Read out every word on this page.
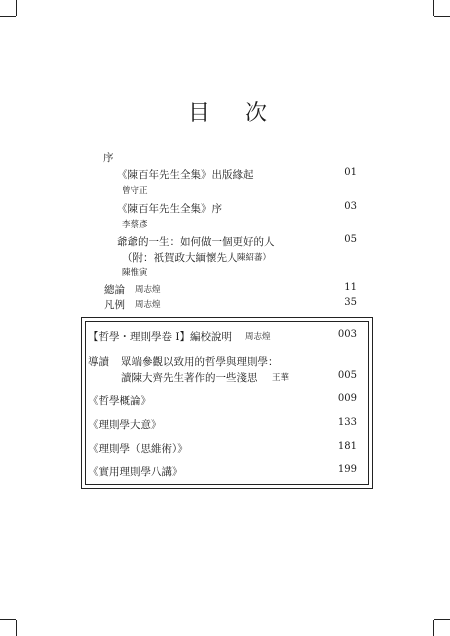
目 次
序
《陳百年先生全集》出版緣起	01
曾守正
《陳百年先生全集》序	03
李蔡彥
爺爺的一生：如何做一個更好的人	05
（附：祇賀政大緬懷先人 陳紹蕃）
陳惟寅
總論 周志煌	11
凡例 周志煌	35
【哲學・理則學卷 I】編校說明 周志煌	003
導讀 眾端參觀以致用的哲學與理則學：
讀陳大齊先生著作的一些淺思 王華	005
《哲學概論》	009
《理則學大意》	133
《理則學（思維術）》	181
《實用理則學八講》	199
